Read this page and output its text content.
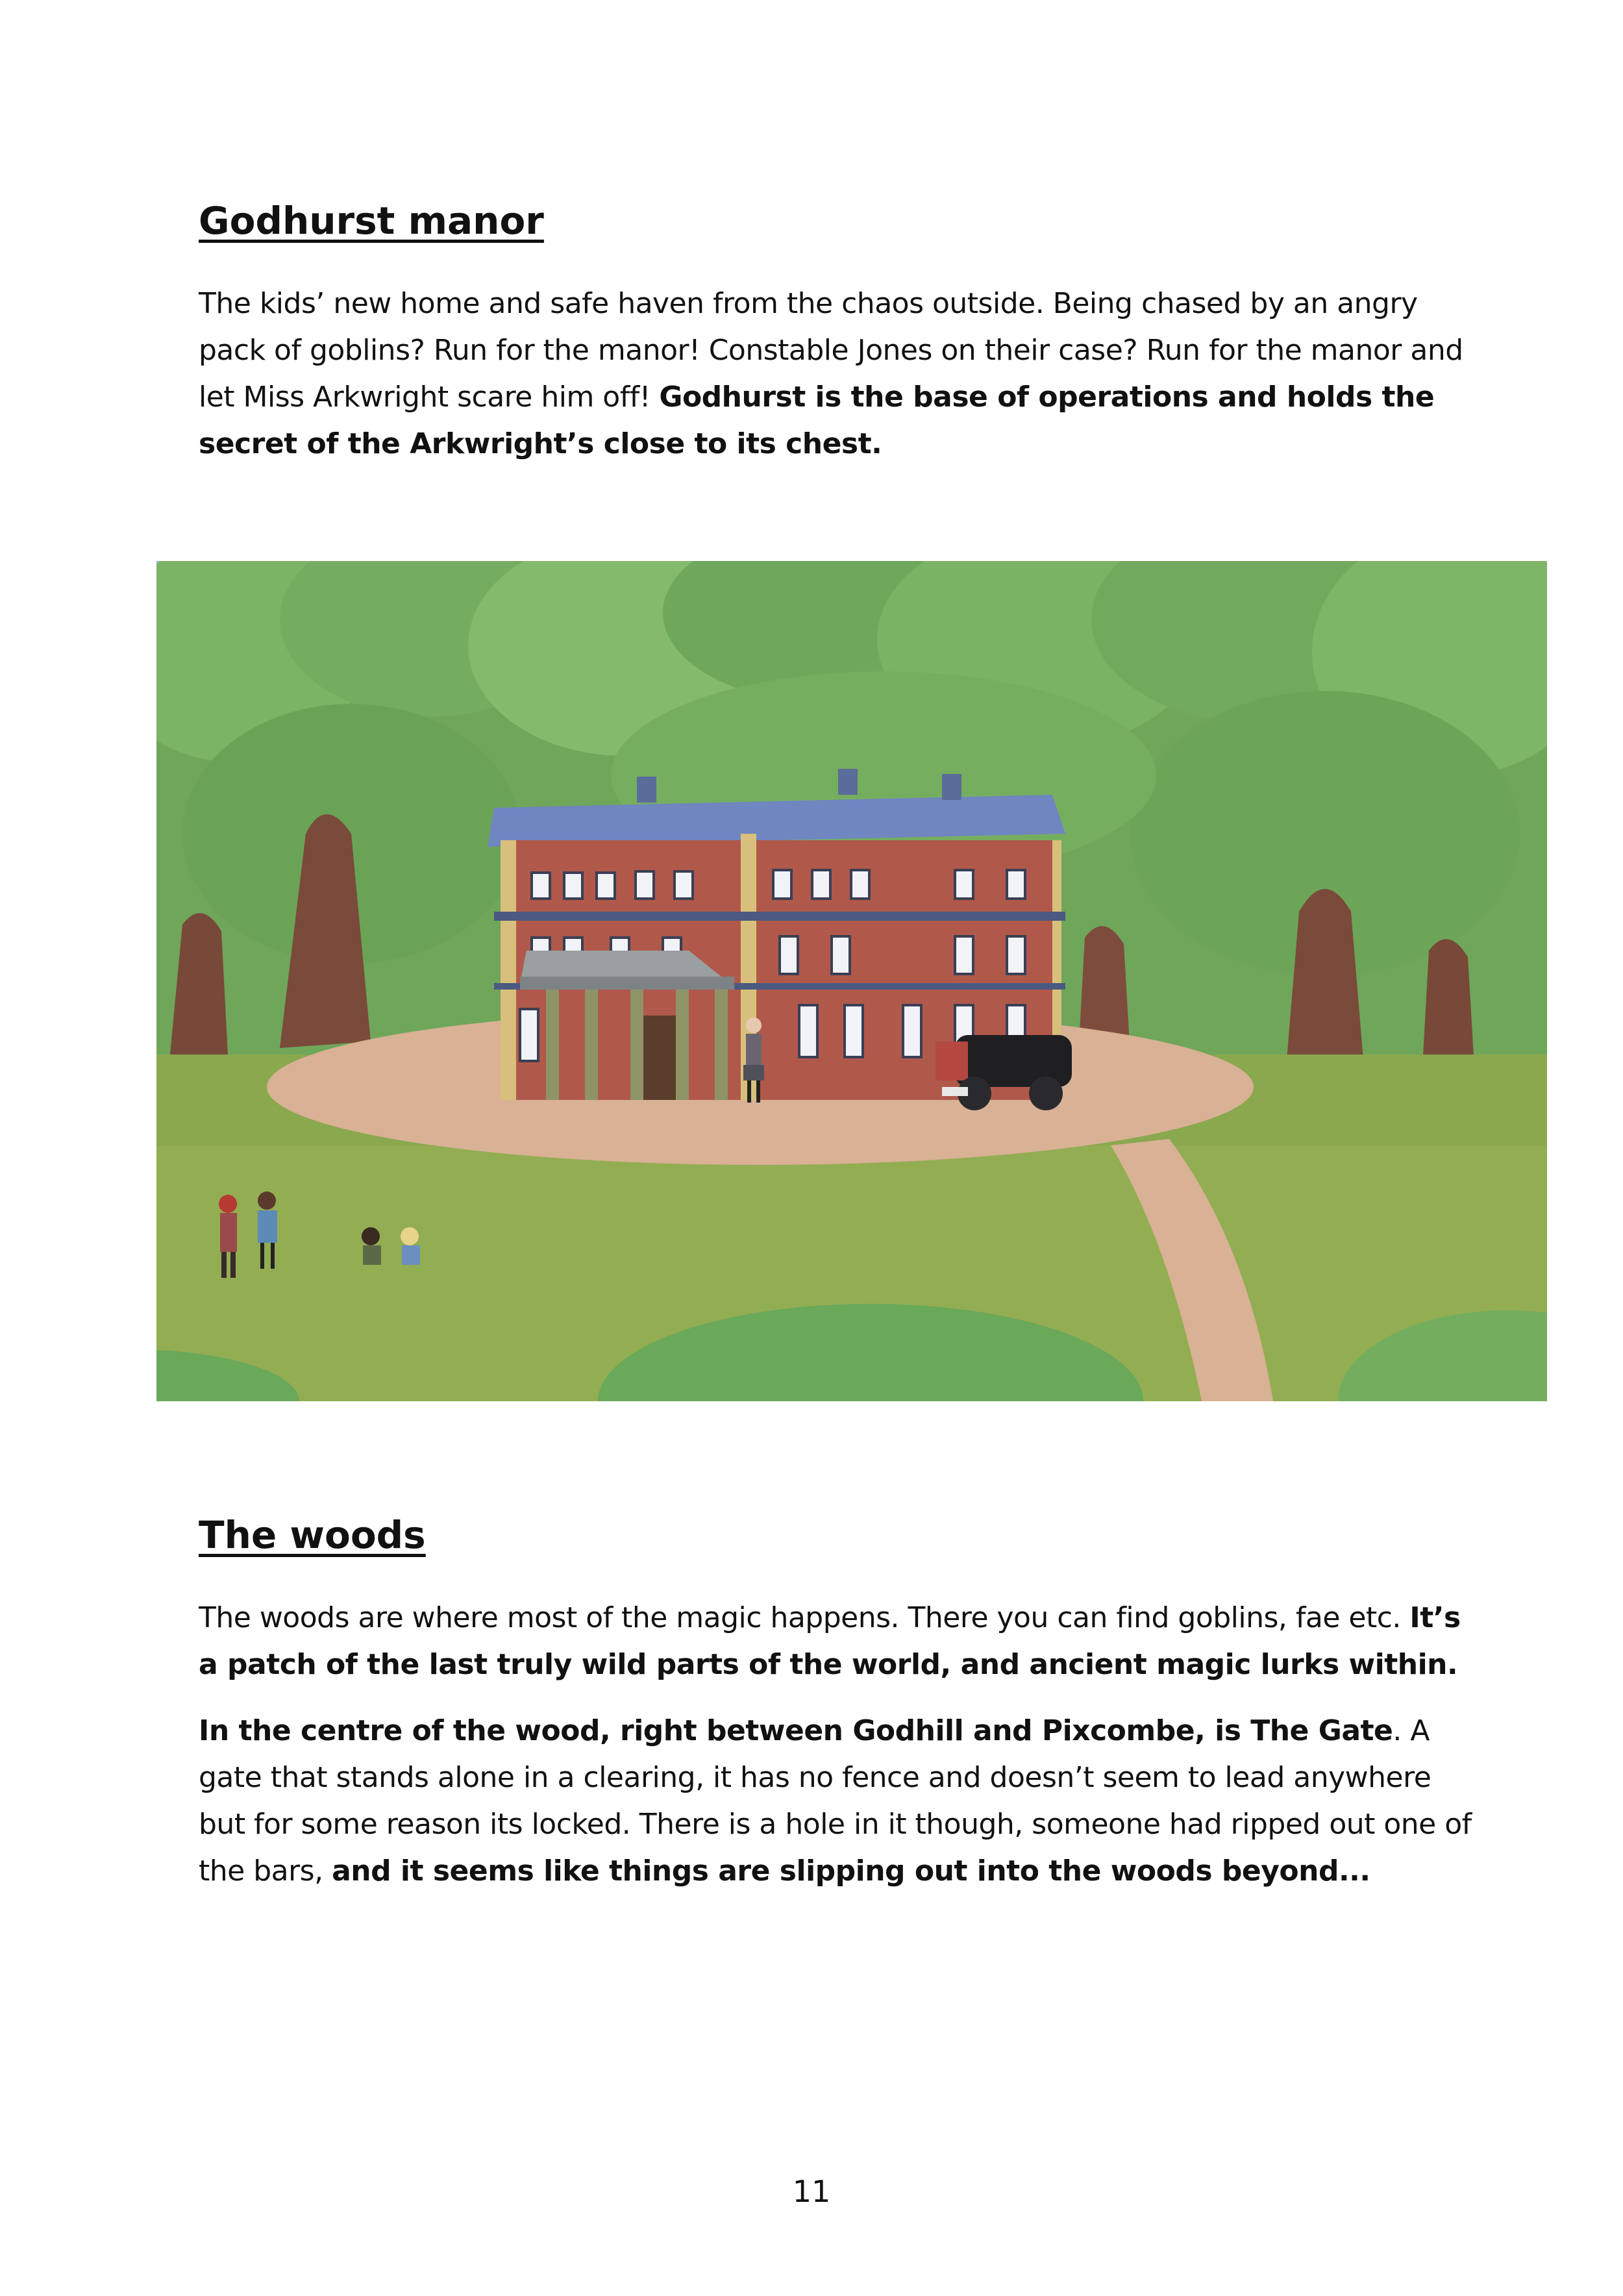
Godhurst manor

The kids’ new home and safe haven from the chaos outside. Being chased by an angry pack of goblins? Run for the manor! Constable Jones on their case? Run for the manor and let Miss Arkwright scare him off! Godhurst is the base of operations and holds the secret of the Arkwright’s close to its chest.

The woods

The woods are where most of the magic happens. There you can find goblins, fae etc. It’s a patch of the last truly wild parts of the world, and ancient magic lurks within.

In the centre of the wood, right between Godhill and Pixcombe, is The Gate. A gate that stands alone in a clearing, it has no fence and doesn’t seem to lead anywhere but for some reason its locked. There is a hole in it though, someone had ripped out one of the bars, and it seems like things are slipping out into the woods beyond...

11
